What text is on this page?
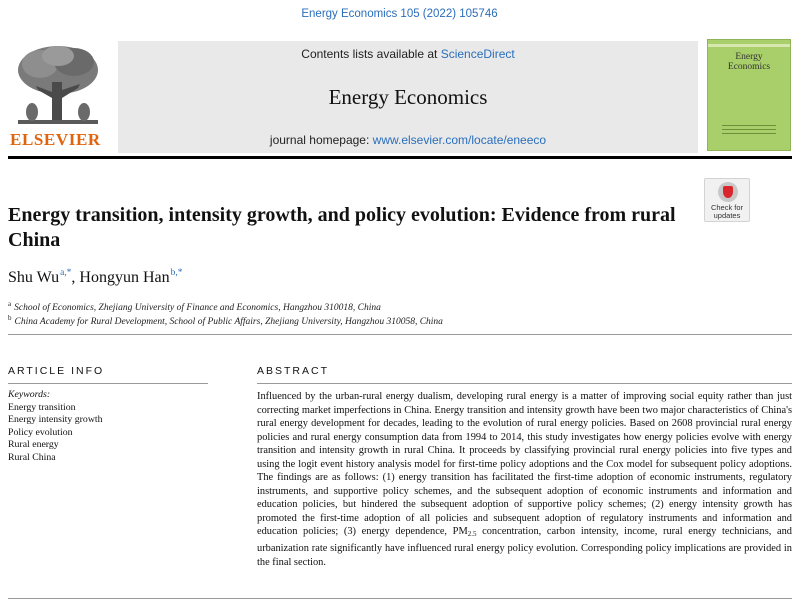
Energy Economics 105 (2022) 105746
ELSEVIER
Contents lists available at ScienceDirect
Energy Economics
journal homepage: www.elsevier.com/locate/eneeco
Energy
Economics
Check for
updates
Energy transition, intensity growth, and policy evolution: Evidence from rural China
Shu $Wu^{a,*}$, Hongyun Han$^{b,*}$
$^a$ School of Economics, Zhejiang University of Finance and Economics, Hangzhou 310018, China
$^b$ China Academy for Rural Development, School of Public Affairs, Zhejiang University, Hangzhou 310058, China
ARTICLE INFO	ABSTRACT
Keywords:
Energy transition
Energy intensity growth
Policy evolution
Rural energy
Rural China
Influenced by the urban-rural energy dualism, developing rural energy is a matter of improving social equity rather than just correcting market imperfections in China. Energy transition and intensity growth have been two major characteristics of China's rural energy development for decades, leading to the evolution of rural energy policies. Based on 2608 provincial rural energy policies and rural energy consumption data from 1994 to 2014, this study investigates how energy policies evolve with energy transition and intensity growth in rural China. It proceeds by classifying provincial rural energy policies into five types and using the logit event history analysis model for first-time policy adoptions and the Cox model for subsequent policy adoptions. The findings are as follows: (1) energy transition has facilitated the first-time adoption of economic instruments, regulatory instruments, and supportive policy schemes, and the subsequent adoption of economic instruments and information and education policies, but hindered the subsequent adoption of supportive policy schemes; (2) energy intensity growth has promoted the first-time adoption of all policies and subsequent adoption of regulatory instruments and information and education policies; (3) energy dependence, $PM_{2.5}$ concentration, carbon intensity, income, rural energy technicians, and urbanization rate significantly have influenced rural energy policy evolution. Corresponding policy implications are provided in the final section.
